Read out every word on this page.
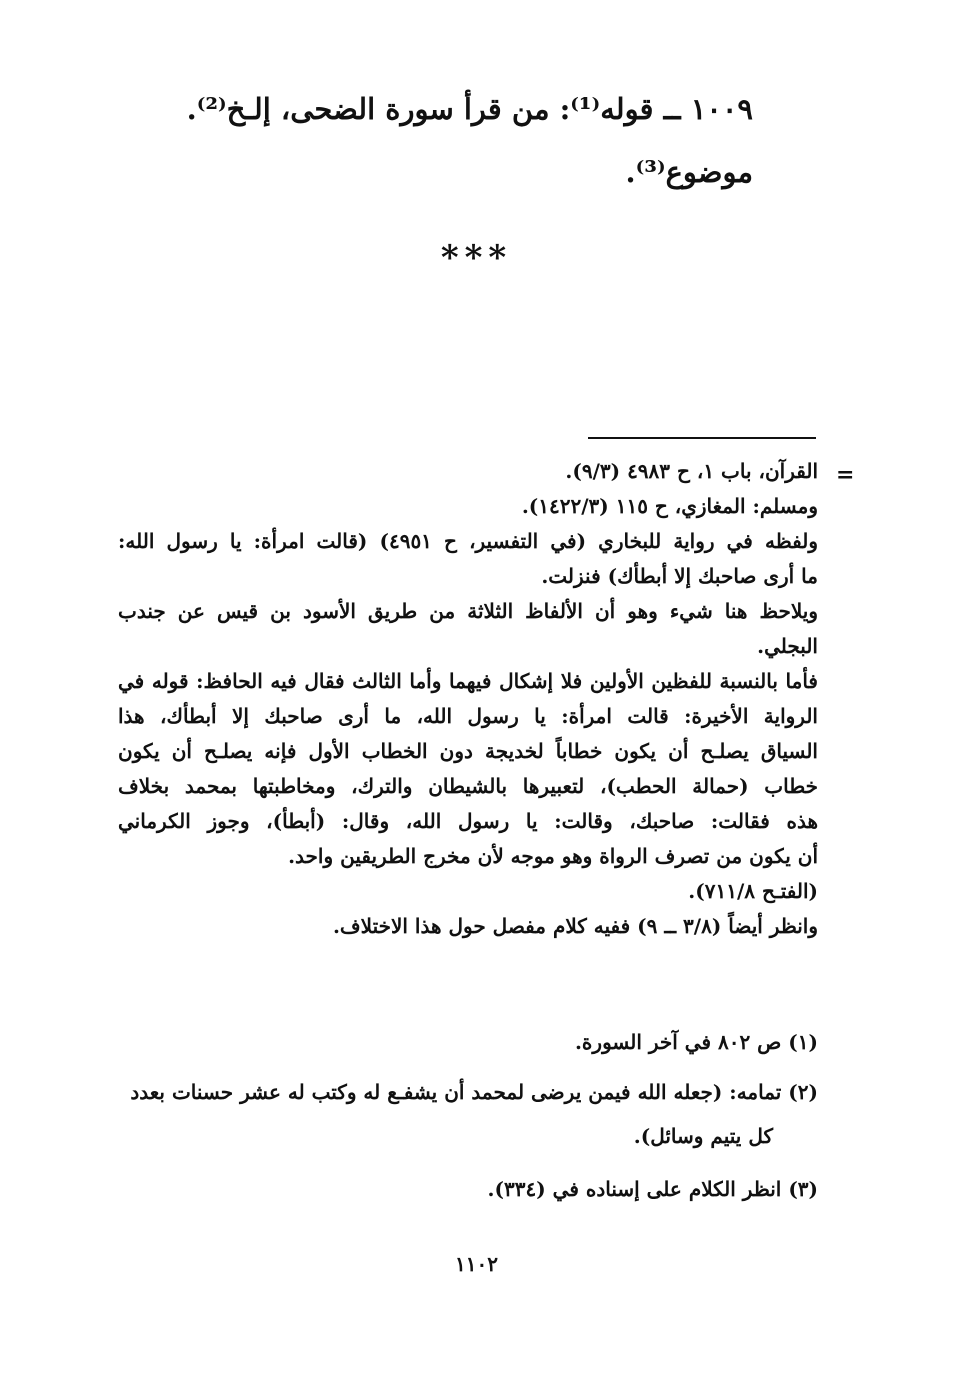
١٠٠٩ ــ قوله⁽¹⁾: من قرأ سورة الضحى، إلـخ⁽²⁾.
موضوع⁽³⁾.
***
=
القرآن، باب ١، ح ٤٩٨٣ (٩/٣).
ومسلم: المغازي، ح ١١٥ (١٤٢٢/٣).
ولفظه في رواية للبخاري (في التفسير، ح ٤٩٥١) (قالت امرأة: يا رسول الله:
ما أرى صاحبك إلا أبطأك) فنزلت.
ويلاحظ هنا شيء وهو أن الألفاظ الثلاثة من طريق الأسود بن قيس عن جندب
البجلي.
فأما بالنسبة للفظين الأولين فلا إشكال فيهما وأما الثالث فقال فيه الحافظ: قوله في
الرواية الأخيرة: قالت امرأة: يا رسول الله، ما أرى صاحبك إلا أبطأك، هذا
السياق يصلـح أن يكون خطاباً لخديجة دون الخطاب الأول فإنه يصلـح أن يكون
خطاب (حمالة الحطب)، لتعبيرها بالشيطان والترك، ومخاطبتها بمحمد بخلاف
هذه فقالت: صاحبك، وقالت: يا رسول الله، وقال: (أبطأ)، وجوز الكرماني
أن يكون من تصرف الرواة وهو موجه لأن مخرج الطريقين واحد.
(الفتـح ٧١١/٨).
وانظر أيضاً (٣/٨ ــ ٩) ففيه كلام مفصل حول هذا الاختلاف.
(١) ص ٨٠٢ في آخر السورة.
(٢) تمامه: (جعله الله فيمن يرضى لمحمد أن يشفـع له وكتب له عشر حسنات بعدد
كل يتيم وسائل).
(٣) انظر الكلام على إسناده في (٣٣٤).
١١٠٢
